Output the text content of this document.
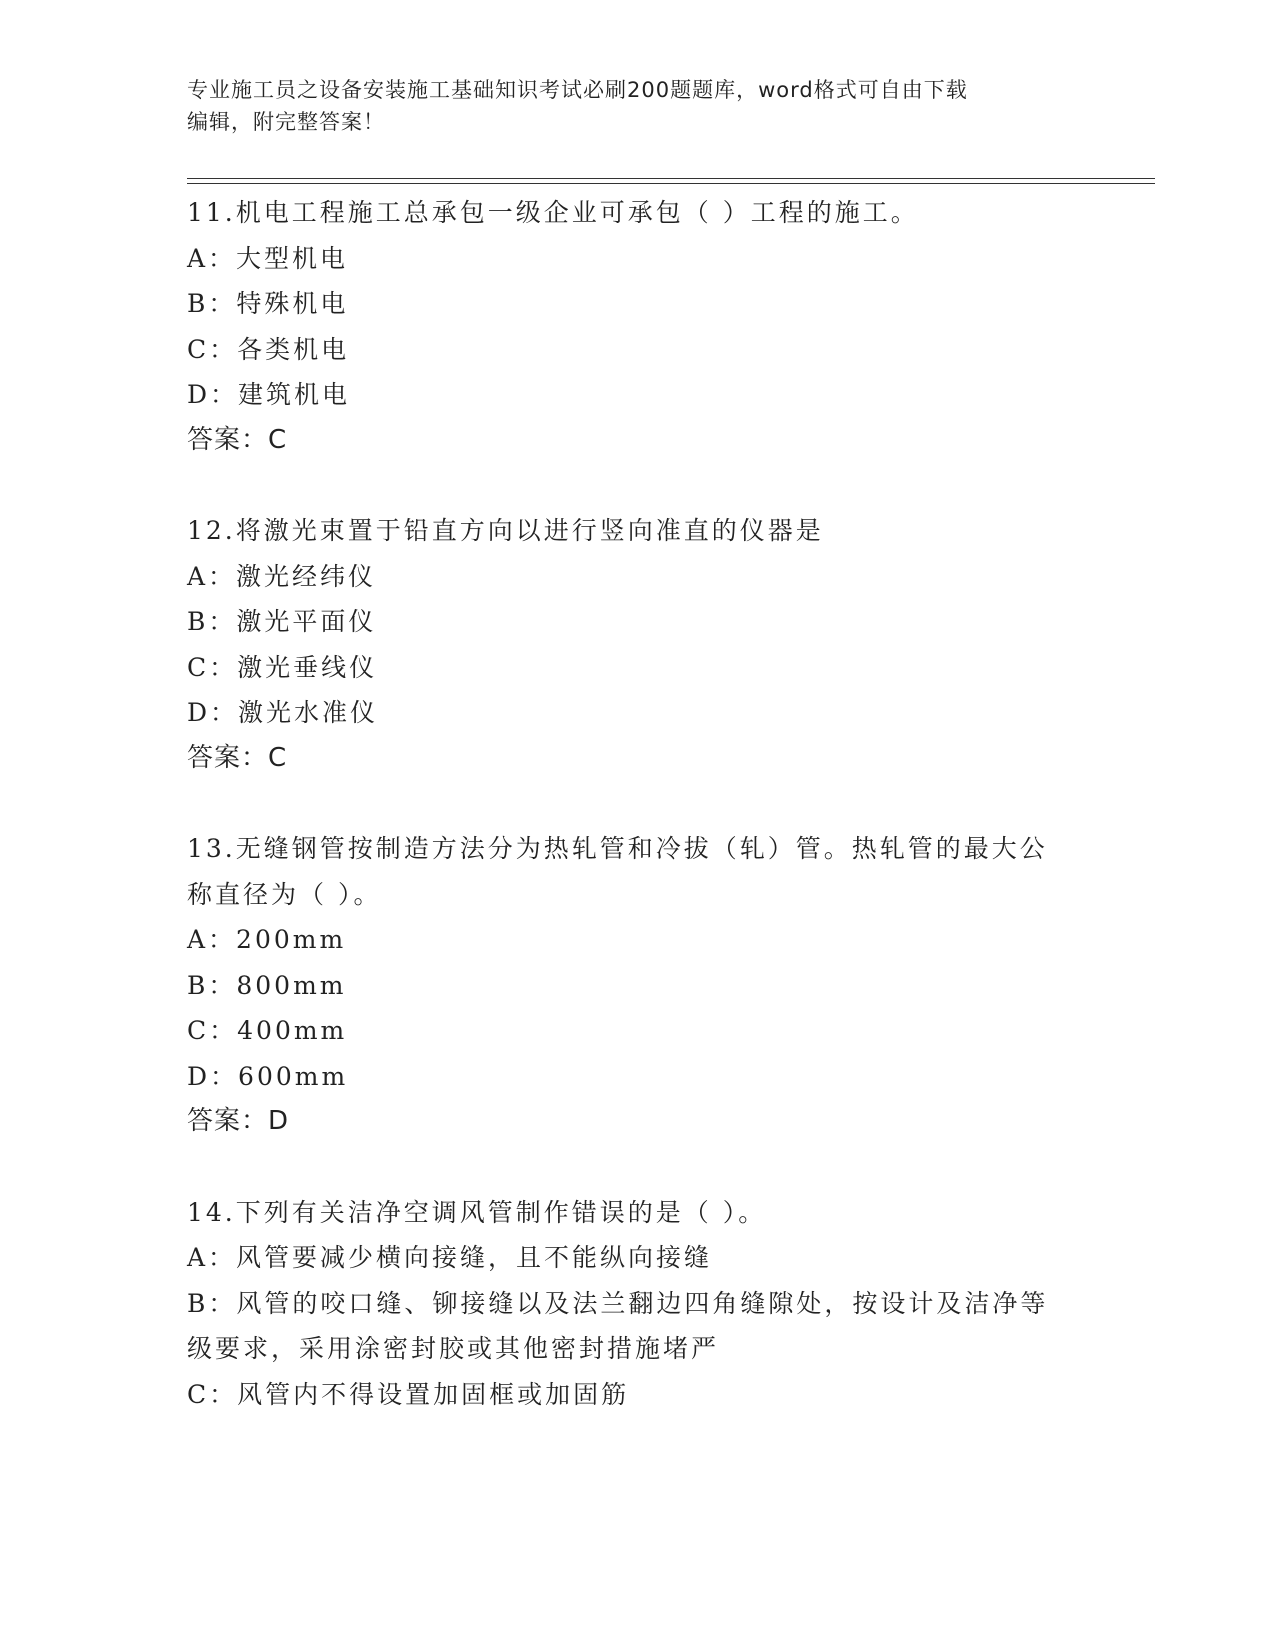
专业施工员之设备安装施工基础知识考试必刷200题题库，word格式可自由下载
编辑，附完整答案！
11.机电工程施工总承包一级企业可承包（ ）工程的施工。
A：大型机电
B：特殊机电
C：各类机电
D：建筑机电
答案：C
12.将激光束置于铅直方向以进行竖向准直的仪器是
A：激光经纬仪
B：激光平面仪
C：激光垂线仪
D：激光水准仪
答案：C
13.无缝钢管按制造方法分为热轧管和冷拔（轧）管。热轧管的最大公
称直径为（ ）。
A：200mm
B：800mm
C：400mm
D：600mm
答案：D
14.下列有关洁净空调风管制作错误的是（ ）。
A：风管要减少横向接缝，且不能纵向接缝
B：风管的咬口缝、铆接缝以及法兰翻边四角缝隙处，按设计及洁净等
级要求，采用涂密封胶或其他密封措施堵严
C：风管内不得设置加固框或加固筋
